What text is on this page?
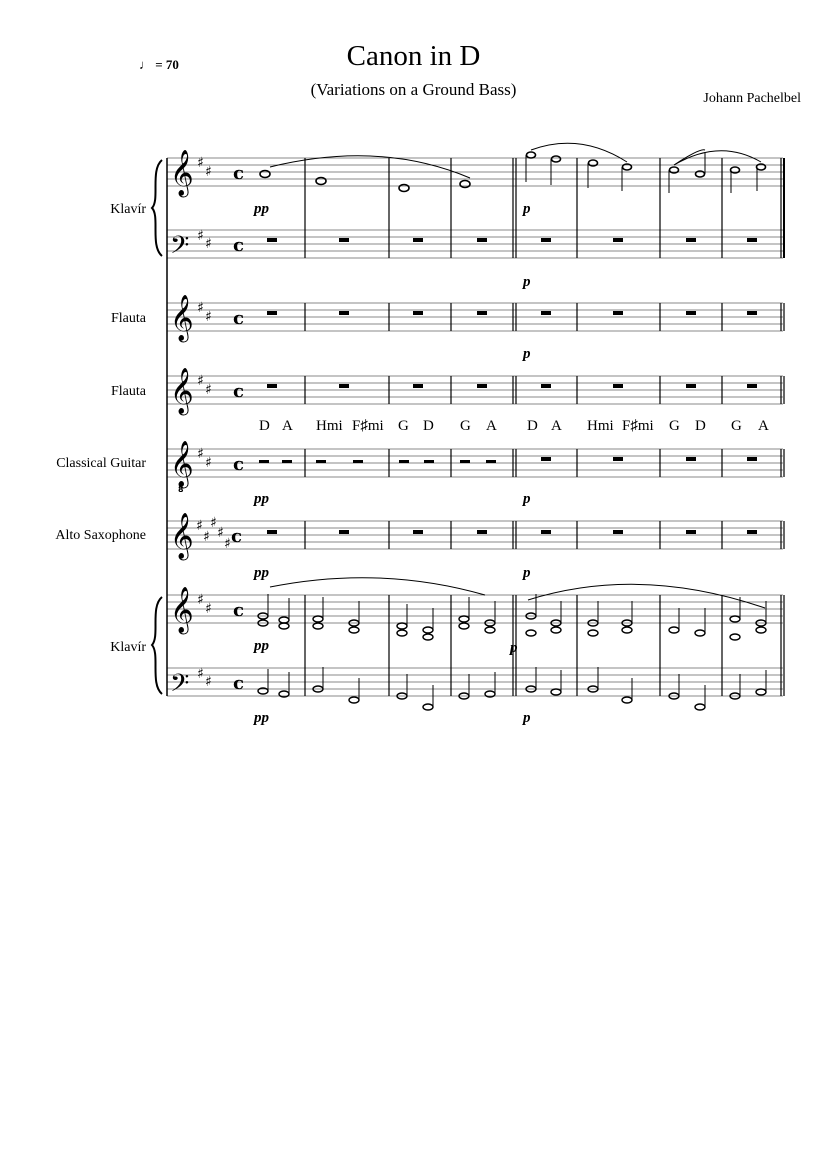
♩ = 70	Canon in D
(Variations on a Ground Bass)	Johann Pachelbel
Klavír
Flauta
Flauta
Classical Guitar
Alto Saxophone
Klavír
𝄞
𝄢
𝄞
𝄞
𝄞
8
𝄞
𝄞
𝄢
♯
♯
♯ ♯
♯
♯
♯
♯
♯
♯
♯
♯
♯
♯
♯
♯
♯
♯ ♯
c
c
c
c
c
c
c
c
pp	p
p
p
pp	p
pp	p
pp	p
pp	p
D A Hmi F♯mi G D G A D A Hmi F♯mi G D G A
